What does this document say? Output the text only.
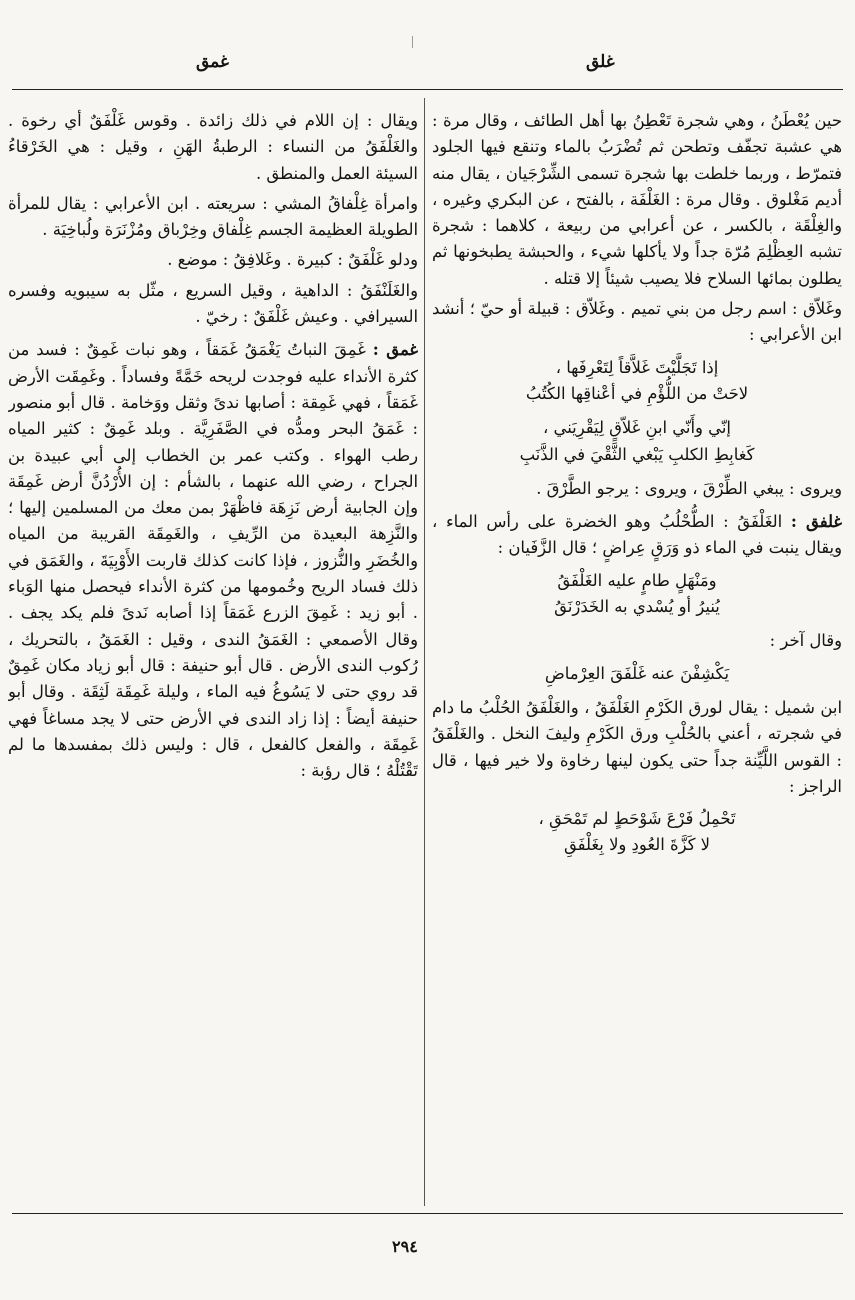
غلق
غمق

حين يُعْطَنُ ، وهي شجرة تَعْطِنُ بها أهل الطائف ، وقال مرة : هي عشبة تجفّف وتطحن ثم تُضْرَبُ بالماء وتنقع فيها الجلود فتمرّط ، وربما خلطت بها شجرة تسمى الشِّرْجَيان ، يقال منه أديم مَغْلوق . وقال مرة : الغَلْفَة ، بالفتح ، عن البكري وغيره ، والغِلْقَة ، بالكسر ، عن أعرابي من ربيعة ، كلاهما : شجرة تشبه العِظْلِمَ مُرّة جداً ولا يأكلها شيء ، والحبشة يطبخونها ثم يطلون بمائها السلاح فلا يصيب شيئاً إلا قتله .

وغَلاّق : اسم رجل من بني تميم . وغَلاّق : قبيلة أو حيّ ؛ أنشد ابن الأعرابي :

إذا تَجَلَّيْتَ غَلاَّقاً لِتَعْرِفَها ،
لاحَتْ من اللُّؤْمِ في أعْناقِها الكُتُبُ
إنّي وأَنّي ابنِ غَلاّقٍ لِيَقْرِيَني ،
كَغابِطِ الكلبِ يَبْغي الثَّقْيَ في الذَّنَبِ

ويروى : يبغي الطِّرْقَ ، ويروى : يرجو الطَّرْقَ .

غلفق : الغَلْفَقُ : الطُّحْلُبُ وهو الخضرة على رأس الماء ، ويقال ينبت في الماء ذو وَرَقٍ عِراضٍ ؛ قال الزَّفَيان :

ومَنْهَلٍ طامٍ عليه الغَلْفَقُ
يُنيرُ أو يُسْدي به الخَدَرْنَقُ

وقال آخر :

يَكْشِفْنَ عنه غَلْفَقَ العِرْماضِ

ابن شميل : يقال لورق الكَرْمِ الغَلْفَقُ ، والغَلْفَقُ الحُلْبُ ما دام في شجرته ، أعني بالحُلْبِ ورق الكَرْمِ وليفَ النخل . والغَلْفَقُ : القوس اللَّيِّنة جداً حتى يكون لينها رخاوة ولا خير فيها ، قال الراجز :

تَحْمِلُ فَرْعَ شَوْحَطٍ لم تَمْحَقِ ،
لا كَزَّةَ العُودِ ولا بِغَلْفَقِ

ويقال : إن اللام في ذلك زائدة . وقوس غَلْفَقٌ أي رخوة . والغَلْفَقُ من النساء : الرطبةُ الهَنِ ، وقيل : هي الخَرْقاءُ السيئة العمل والمنطق .

وامرأة غِلْفاقُ المشي : سريعته . ابن الأعرابي : يقال للمرأة الطويلة العظيمة الجسم غِلْفاق وخِرْباق ومُزْنَرَة ولُباخِيَة .

ودلو غَلْفَقٌ : كبيرة . وغَلافِقُ : موضع .

والغَلَنْفَقُ : الداهية ، وقيل السريع ، مثّل به سيبويه وفسره السيرافي . وعيش غَلْفَقٌ : رخيّ .

غمق : غَمِقَ النباتُ يَغْمَقُ غَمَقاً ، وهو نبات غَمِقٌ : فسد من كثرة الأنداء عليه فوجدت لريحه خَمَّةً وفساداً . وغَمِقَت الأرض غَمَقاً ، فهي غَمِقة : أصابها ندىً وثقل ووَخامة . قال أبو منصور : غَمَقُ البحر ومدُّه في الصَّفَرِيَّة . وبلد غَمِقٌ : كثير المياه رطب الهواء . وكتب عمر بن الخطاب إلى أبي عبيدة بن الجراح ، رضي الله عنهما ، بالشأم : إن الأُرْدُنَّ أرض غَمِقَة وإن الجابية أرض نَزِهَة فاظْهَرْ بمن معك من المسلمين إليها ؛ والنَّزِهة البعيدة من الرِّيفِ ، والغَمِقَة القريبة من المياه والخُضَرِ والنُّزوز ، فإذا كانت كذلك قاربت الأَوْبِيَةَ ، والغَمَق في ذلك فساد الريح وخُمومها من كثرة الأنداء فيحصل منها الوَباء . أبو زيد : غَمِقَ الزرع غَمَقاً إذا أصابه نَدىً فلم يكد يجف . وقال الأصمعي : الغَمَقُ الندى ، وقيل : الغَمَقُ ، بالتحريك ، رُكوب الندى الأرض . قال أبو حنيفة : قال أبو زياد مكان غَمِقٌ قد روي حتى لا يَسُوغُ فيه الماء ، وليلة غَمِقَة لَثِقَة . وقال أبو حنيفة أيضاً : إذا زاد الندى في الأرض حتى لا يجد مساغاً فهي غَمِقَة ، والفعل كالفعل ، قال : وليس ذلك بمفسدها ما لم تَقْتُلْهُ ؛ قال رؤبة :

٢٩٤
